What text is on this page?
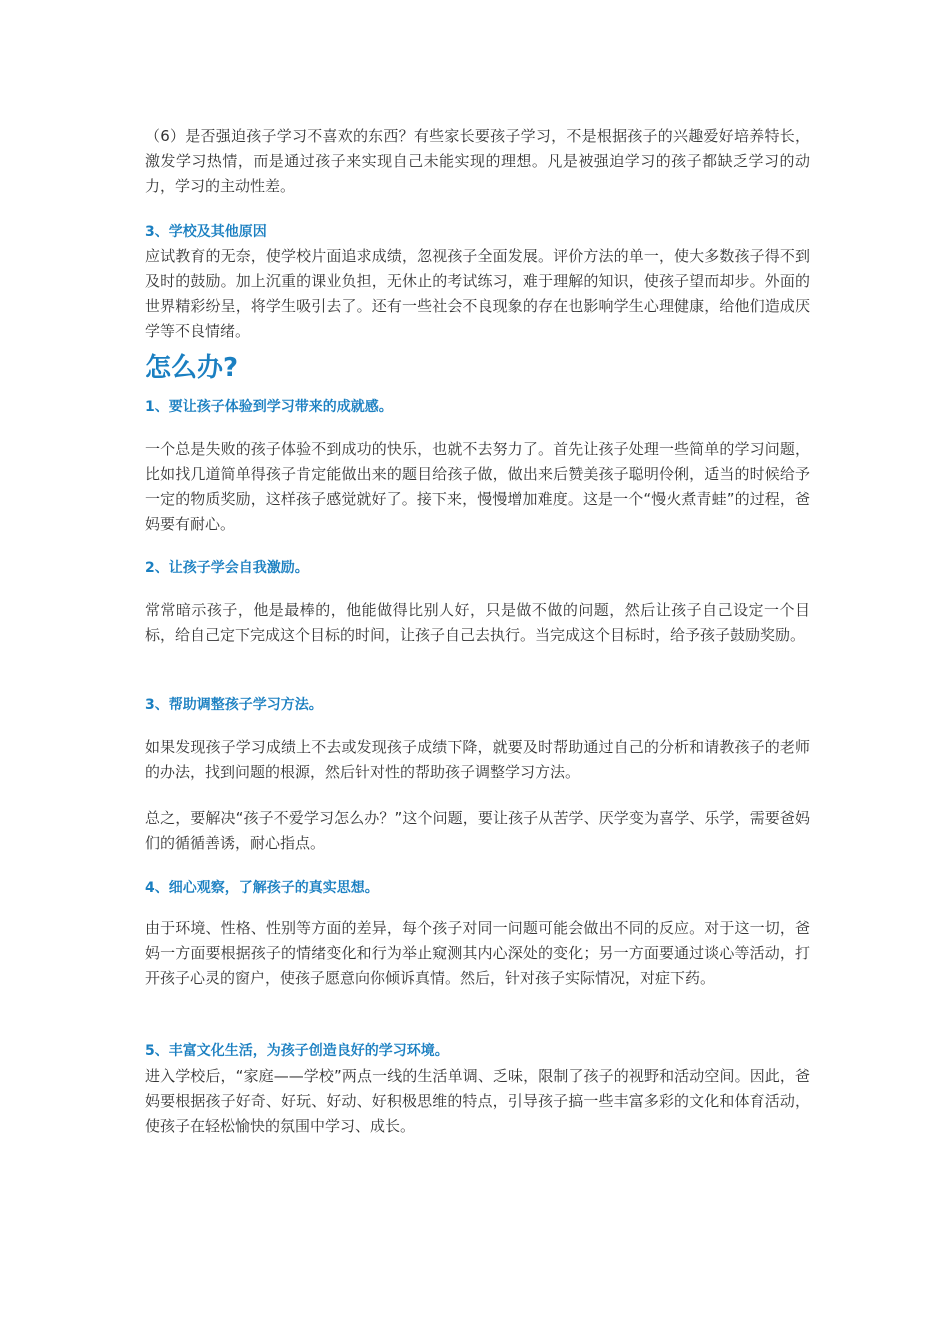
（6）是否强迫孩子学习不喜欢的东西？有些家长要孩子学习，不是根据孩子的兴趣爱好培养特长，激发学习热情，而是通过孩子来实现自己未能实现的理想。凡是被强迫学习的孩子都缺乏学习的动力，学习的主动性差。

3、学校及其他原因

应试教育的无奈，使学校片面追求成绩，忽视孩子全面发展。评价方法的单一，使大多数孩子得不到及时的鼓励。加上沉重的课业负担，无休止的考试练习，难于理解的知识，使孩子望而却步。外面的世界精彩纷呈，将学生吸引去了。还有一些社会不良现象的存在也影响学生心理健康，给他们造成厌学等不良情绪。

怎么办?
1、要让孩子体验到学习带来的成就感。

一个总是失败的孩子体验不到成功的快乐，也就不去努力了。首先让孩子处理一些简单的学习问题，比如找几道简单得孩子肯定能做出来的题目给孩子做，做出来后赞美孩子聪明伶俐，适当的时候给予一定的物质奖励，这样孩子感觉就好了。接下来，慢慢增加难度。这是一个“慢火煮青蛙”的过程，爸妈要有耐心。

2、让孩子学会自我激励。

常常暗示孩子，他是最棒的，他能做得比别人好，只是做不做的问题，然后让孩子自己设定一个目标，给自己定下完成这个目标的时间，让孩子自己去执行。当完成这个目标时，给予孩子鼓励奖励。

3、帮助调整孩子学习方法。

如果发现孩子学习成绩上不去或发现孩子成绩下降，就要及时帮助通过自己的分析和请教孩子的老师的办法，找到问题的根源，然后针对性的帮助孩子调整学习方法。

总之，要解决“孩子不爱学习怎么办？”这个问题，要让孩子从苦学、厌学变为喜学、乐学，需要爸妈们的循循善诱，耐心指点。

4、细心观察，了解孩子的真实思想。

由于环境、性格、性别等方面的差异，每个孩子对同一问题可能会做出不同的反应。对于这一切，爸妈一方面要根据孩子的情绪变化和行为举止窥测其内心深处的变化；另一方面要通过谈心等活动，打开孩子心灵的窗户，使孩子愿意向你倾诉真情。然后，针对孩子实际情况，对症下药。

5、丰富文化生活，为孩子创造良好的学习环境。

进入学校后，“家庭——学校”两点一线的生活单调、乏味，限制了孩子的视野和活动空间。因此，爸妈要根据孩子好奇、好玩、好动、好积极思维的特点，引导孩子搞一些丰富多彩的文化和体育活动，使孩子在轻松愉快的氛围中学习、成长。
